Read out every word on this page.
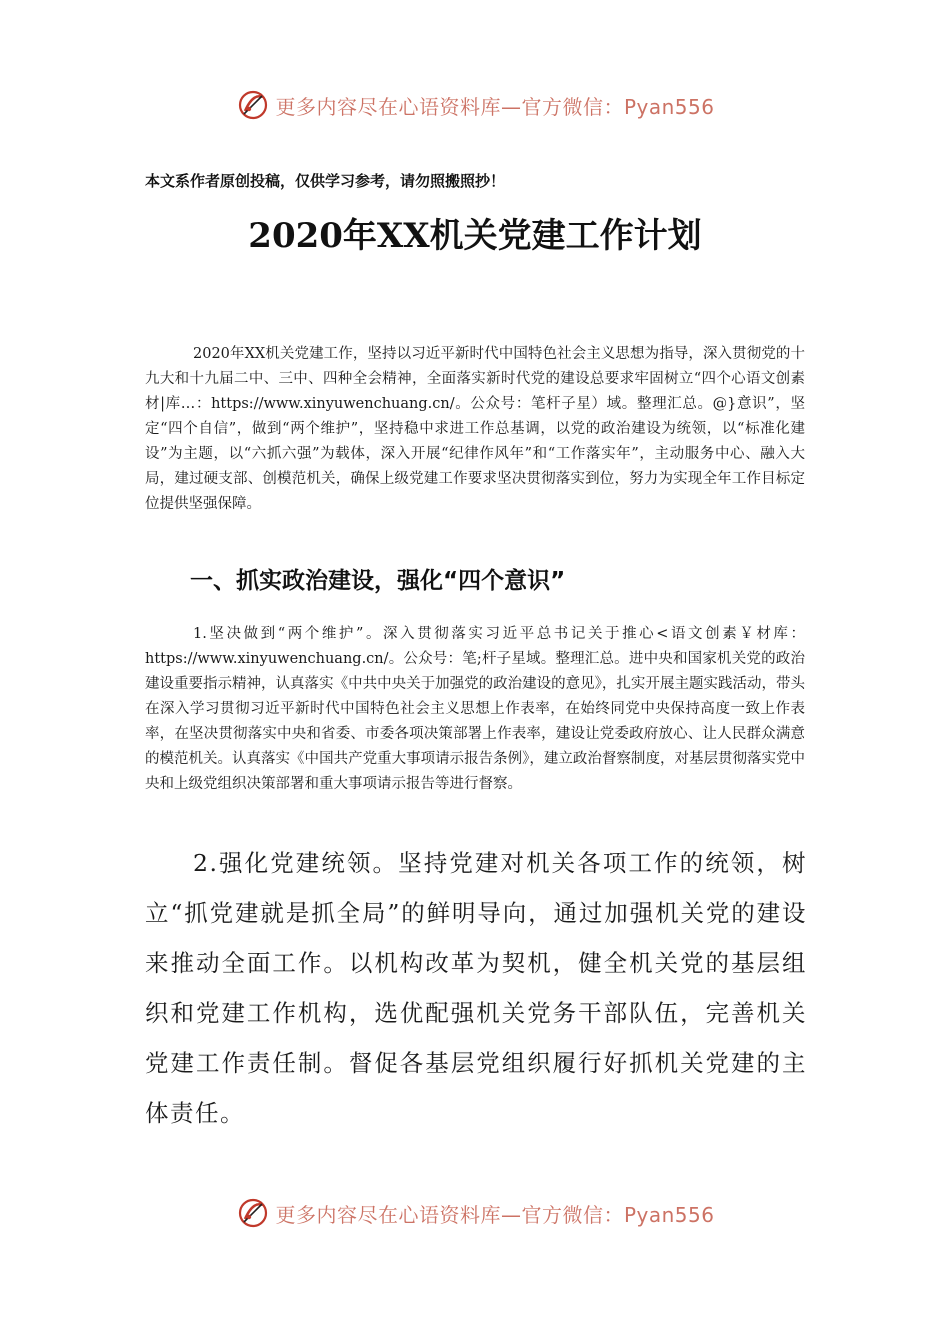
更多内容尽在心语资料库—官方微信：Pyan556
本文系作者原创投稿，仅供学习参考，请勿照搬照抄！
2020年XX机关党建工作计划

2020年XX机关党建工作，坚持以习近平新时代中国特色社会主义思想为指导，深入贯彻党的十九大和十九届二中、三中、四种全会精神，全面落实新时代党的建设总要求牢固树立“四个心语文创素材|库…：https://www.xinyuwenchuang.cn/。公众号：笔杆子星）域。整理汇总。@}意识”，坚定“四个自信”，做到“两个维护”，坚持稳中求进工作总基调，以党的政治建设为统领，以“标准化建设”为主题，以“六抓六强”为载体，深入开展“纪律作风年”和“工作落实年”，主动服务中心、融入大局，建过硬支部、创模范机关，确保上级党建工作要求坚决贯彻落实到位，努力为实现全年工作目标定位提供坚强保障。

一、抓实政治建设，强化“四个意识”

1.坚决做到“两个维护”。深入贯彻落实习近平总书记关于推心<语文创素￥材库：https://www.xinyuwenchuang.cn/。公众号：笔;杆子星域。整理汇总。进中央和国家机关党的政治建设重要指示精神，认真落实《中共中央关于加强党的政治建设的意见》，扎实开展主题实践活动，带头在深入学习贯彻习近平新时代中国特色社会主义思想上作表率，在始终同党中央保持高度一致上作表率，在坚决贯彻落实中央和省委、市委各项决策部署上作表率，建设让党委政府放心、让人民群众满意的模范机关。认真落实《中国共产党重大事项请示报告条例》，建立政治督察制度，对基层贯彻落实党中央和上级党组织决策部署和重大事项请示报告等进行督察。

2.强化党建统领。坚持党建对机关各项工作的统领，树立“抓党建就是抓全局”的鲜明导向，通过加强机关党的建设来推动全面工作。以机构改革为契机，健全机关党的基层组织和党建工作机构，选优配强机关党务干部队伍，完善机关党建工作责任制。督促各基层党组织履行好抓机关党建的主体责任。

更多内容尽在心语资料库—官方微信：Pyan556
